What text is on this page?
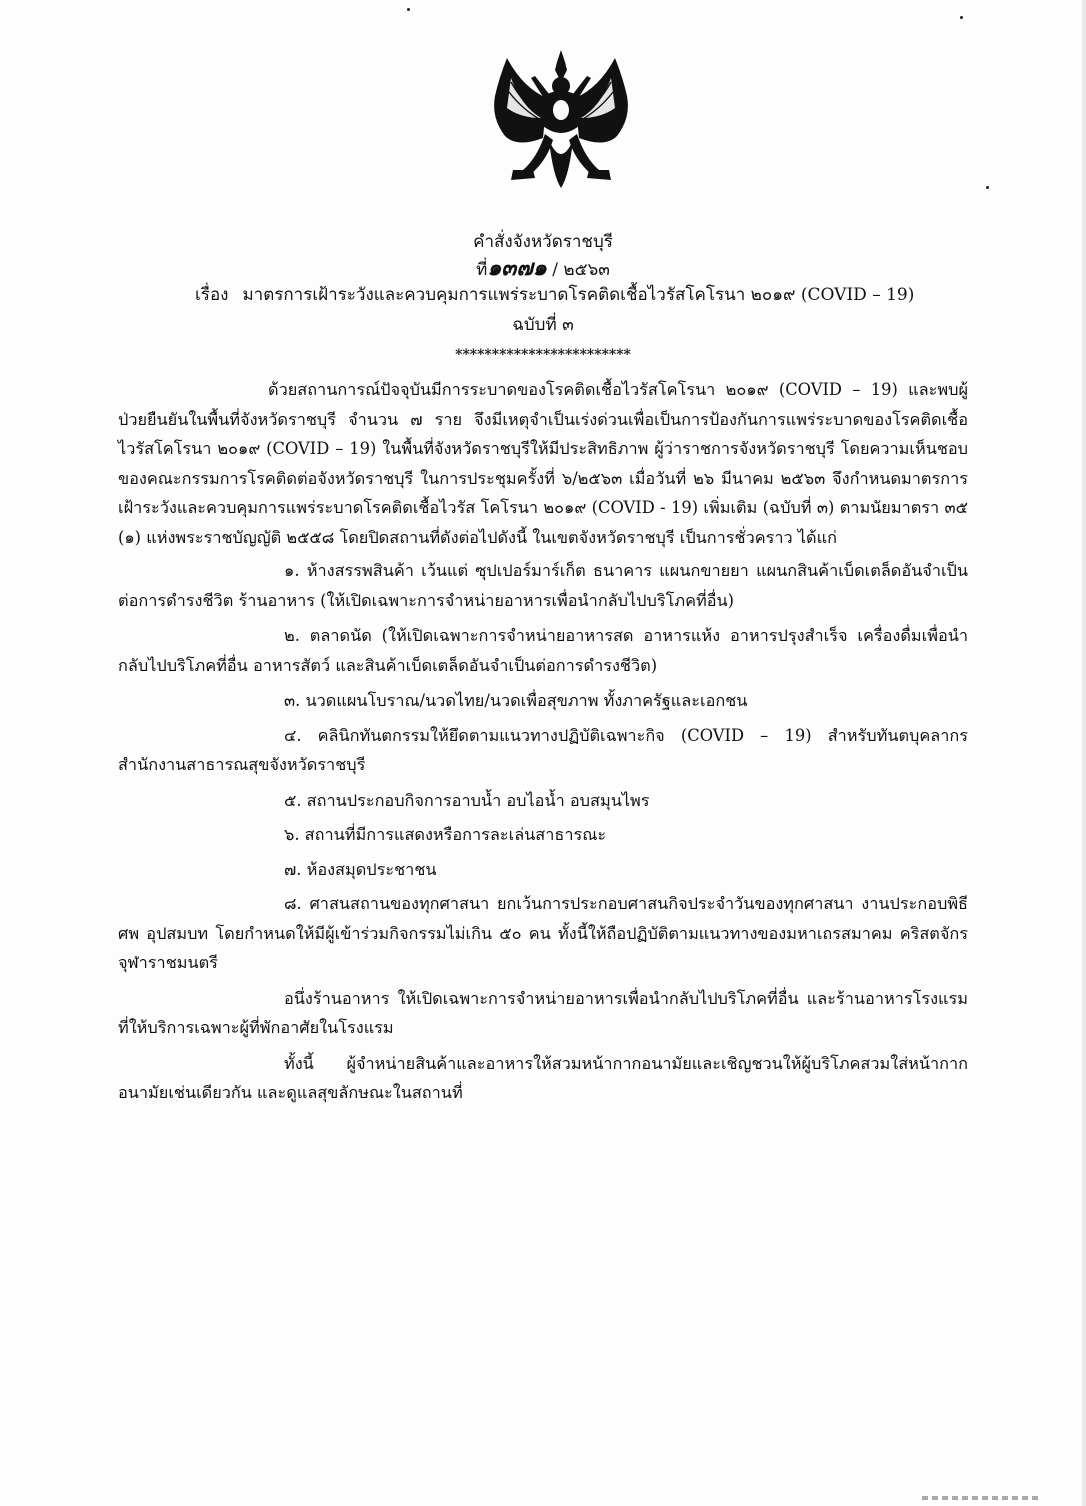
คำสั่งจังหวัดราชบุรี
ที่๑๓๗๑ / ๒๕๖๓
เรื่อง มาตรการเฝ้าระวังและควบคุมการแพร่ระบาดโรคติดเชื้อไวรัสโคโรนา ๒๐๑๙ (COVID – 19)
ฉบับที่ ๓
************************

ด้วยสถานการณ์ปัจจุบันมีการระบาดของโรคติดเชื้อไวรัสโคโรนา ๒๐๑๙ (COVID – 19) และพบผู้ป่วยยืนยันในพื้นที่จังหวัดราชบุรี จำนวน ๗ ราย จึงมีเหตุจำเป็นเร่งด่วนเพื่อเป็นการป้องกันการแพร่ระบาดของโรคติดเชื้อไวรัสโคโรนา ๒๐๑๙ (COVID – 19) ในพื้นที่จังหวัดราชบุรีให้มีประสิทธิภาพ ผู้ว่าราชการจังหวัดราชบุรี โดยความเห็นชอบของคณะกรรมการโรคติดต่อจังหวัดราชบุรี ในการประชุมครั้งที่ ๖/๒๕๖๓ เมื่อวันที่ ๒๖ มีนาคม ๒๕๖๓ จึงกำหนดมาตรการเฝ้าระวังและควบคุมการแพร่ระบาดโรคติดเชื้อไวรัส โคโรนา ๒๐๑๙ (COVID - 19) เพิ่มเติม (ฉบับที่ ๓) ตามนัยมาตรา ๓๕ (๑) แห่งพระราชบัญญัติ ๒๕๕๘ โดยปิดสถานที่ดังต่อไปดังนี้ ในเขตจังหวัดราชบุรี เป็นการชั่วคราว ได้แก่

๑. ห้างสรรพสินค้า เว้นแต่ ซุปเปอร์มาร์เก็ต ธนาคาร แผนกขายยา แผนกสินค้าเบ็ดเตล็ดอันจำเป็นต่อการดำรงชีวิต ร้านอาหาร (ให้เปิดเฉพาะการจำหน่ายอาหารเพื่อนำกลับไปบริโภคที่อื่น)

๒. ตลาดนัด (ให้เปิดเฉพาะการจำหน่ายอาหารสด อาหารแห้ง อาหารปรุงสำเร็จ เครื่องดื่มเพื่อนำกลับไปบริโภคที่อื่น อาหารสัตว์ และสินค้าเบ็ดเตล็ดอันจำเป็นต่อการดำรงชีวิต)

๓. นวดแผนโบราณ/นวดไทย/นวดเพื่อสุขภาพ ทั้งภาครัฐและเอกชน

๔. คลินิกทันตกรรมให้ยึดตามแนวทางปฏิบัติเฉพาะกิจ (COVID – 19) สำหรับทันตบุคลากร สำนักงานสาธารณสุขจังหวัดราชบุรี

๕. สถานประกอบกิจการอาบน้ำ อบไอน้ำ อบสมุนไพร

๖. สถานที่มีการแสดงหรือการละเล่นสาธารณะ

๗. ห้องสมุดประชาชน

๘. ศาสนสถานของทุกศาสนา ยกเว้นการประกอบศาสนกิจประจำวันของทุกศาสนา งานประกอบพิธีศพ อุปสมบท โดยกำหนดให้มีผู้เข้าร่วมกิจกรรมไม่เกิน ๕๐ คน ทั้งนี้ให้ถือปฏิบัติตามแนวทางของมหาเถรสมาคม คริสตจักร จุฬาราชมนตรี

อนึ่งร้านอาหาร ให้เปิดเฉพาะการจำหน่ายอาหารเพื่อนำกลับไปบริโภคที่อื่น และร้านอาหารโรงแรมที่ให้บริการเฉพาะผู้ที่พักอาศัยในโรงแรม

ทั้งนี้ ผู้จำหน่ายสินค้าและอาหารให้สวมหน้ากากอนามัยและเชิญชวนให้ผู้บริโภคสวมใส่หน้ากากอนามัยเช่นเดียวกัน และดูแลสุขลักษณะในสถานที่
